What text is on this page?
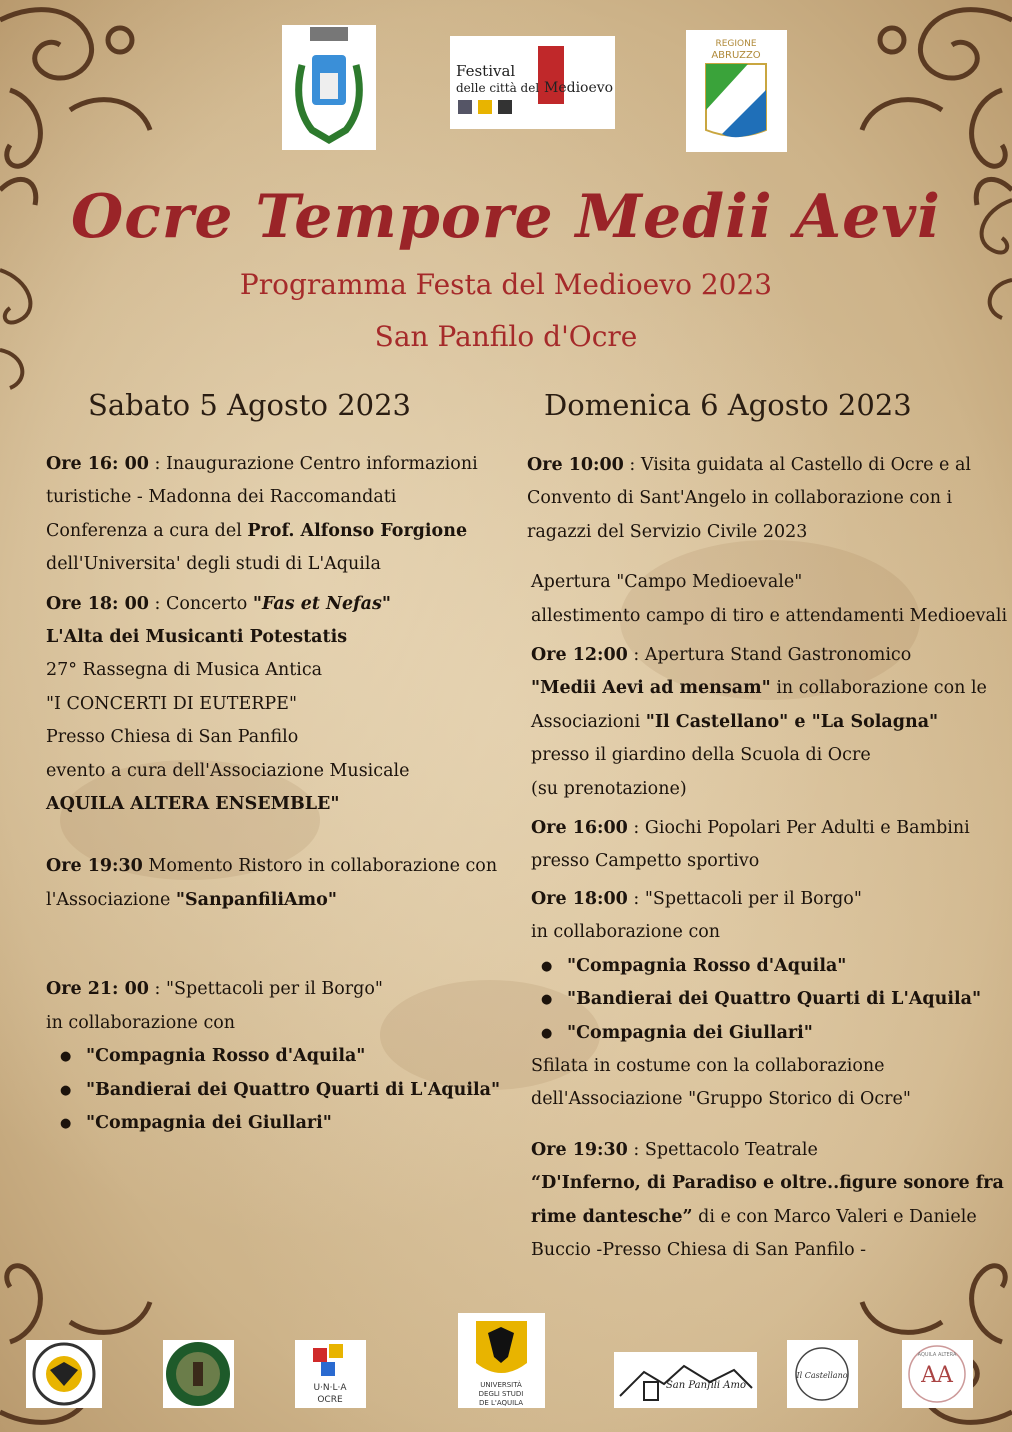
Festival
delle città del Medioevo
REGIONE
ABRUZZO
Ocre Tempore Medii Aevi
Programma Festa del Medioevo 2023
San Panfilo d'Ocre
Sabato 5 Agosto 2023	Domenica 6 Agosto 2023
Ore 16: 00 : Inaugurazione Centro informazioni
turistiche - Madonna dei Raccomandati
Conferenza a cura del Prof. Alfonso Forgione
dell'Universita' degli studi di L'Aquila
Ore 18: 00 : Concerto "Fas et Nefas"
L'Alta dei Musicanti Potestatis
27° Rassegna di Musica Antica
"I CONCERTI DI EUTERPE"
Presso Chiesa di San Panfilo
evento a cura dell'Associazione Musicale
AQUILA ALTERA ENSEMBLE"
Ore 19:30 Momento Ristoro in collaborazione con
l'Associazione "SanpanfiliAmo"
Ore 21: 00 : "Spettacoli per il Borgo"
in collaborazione con
● "Compagnia Rosso d'Aquila"
● "Bandierai dei Quattro Quarti di L'Aquila"
● "Compagnia dei Giullari"
Ore 10:00 : Visita guidata al Castello di Ocre e al
Convento di Sant'Angelo in collaborazione con i
ragazzi del Servizio Civile 2023
Apertura "Campo Medioevale"
allestimento campo di tiro e attendamenti Medioevali
Ore 12:00 : Apertura Stand Gastronomico
"Medii Aevi ad mensam" in collaborazione con le
Associazioni "Il Castellano" e "La Solagna"
presso il giardino della Scuola di Ocre
(su prenotazione)
Ore 16:00 : Giochi Popolari Per Adulti e Bambini
presso Campetto sportivo
Ore 18:00 : "Spettacoli per il Borgo"
in collaborazione con
● "Compagnia Rosso d'Aquila"
● "Bandierai dei Quattro Quarti di L'Aquila"
● "Compagnia dei Giullari"
Sfilata in costume con la collaborazione
dell'Associazione "Gruppo Storico di Ocre"
Ore 19:30 : Spettacolo Teatrale
“D'Inferno, di Paradiso e oltre..figure sonore fra
rime dantesche” di e con Marco Valeri e Daniele
Buccio -Presso Chiesa di San Panfilo -
U·N·L·A
OCRE
UNIVERSITÀ
DEGLI STUDI
DE L'AQUILA
San Panfili Amo
Il Castellano	AA
AQUILA ALTERA
